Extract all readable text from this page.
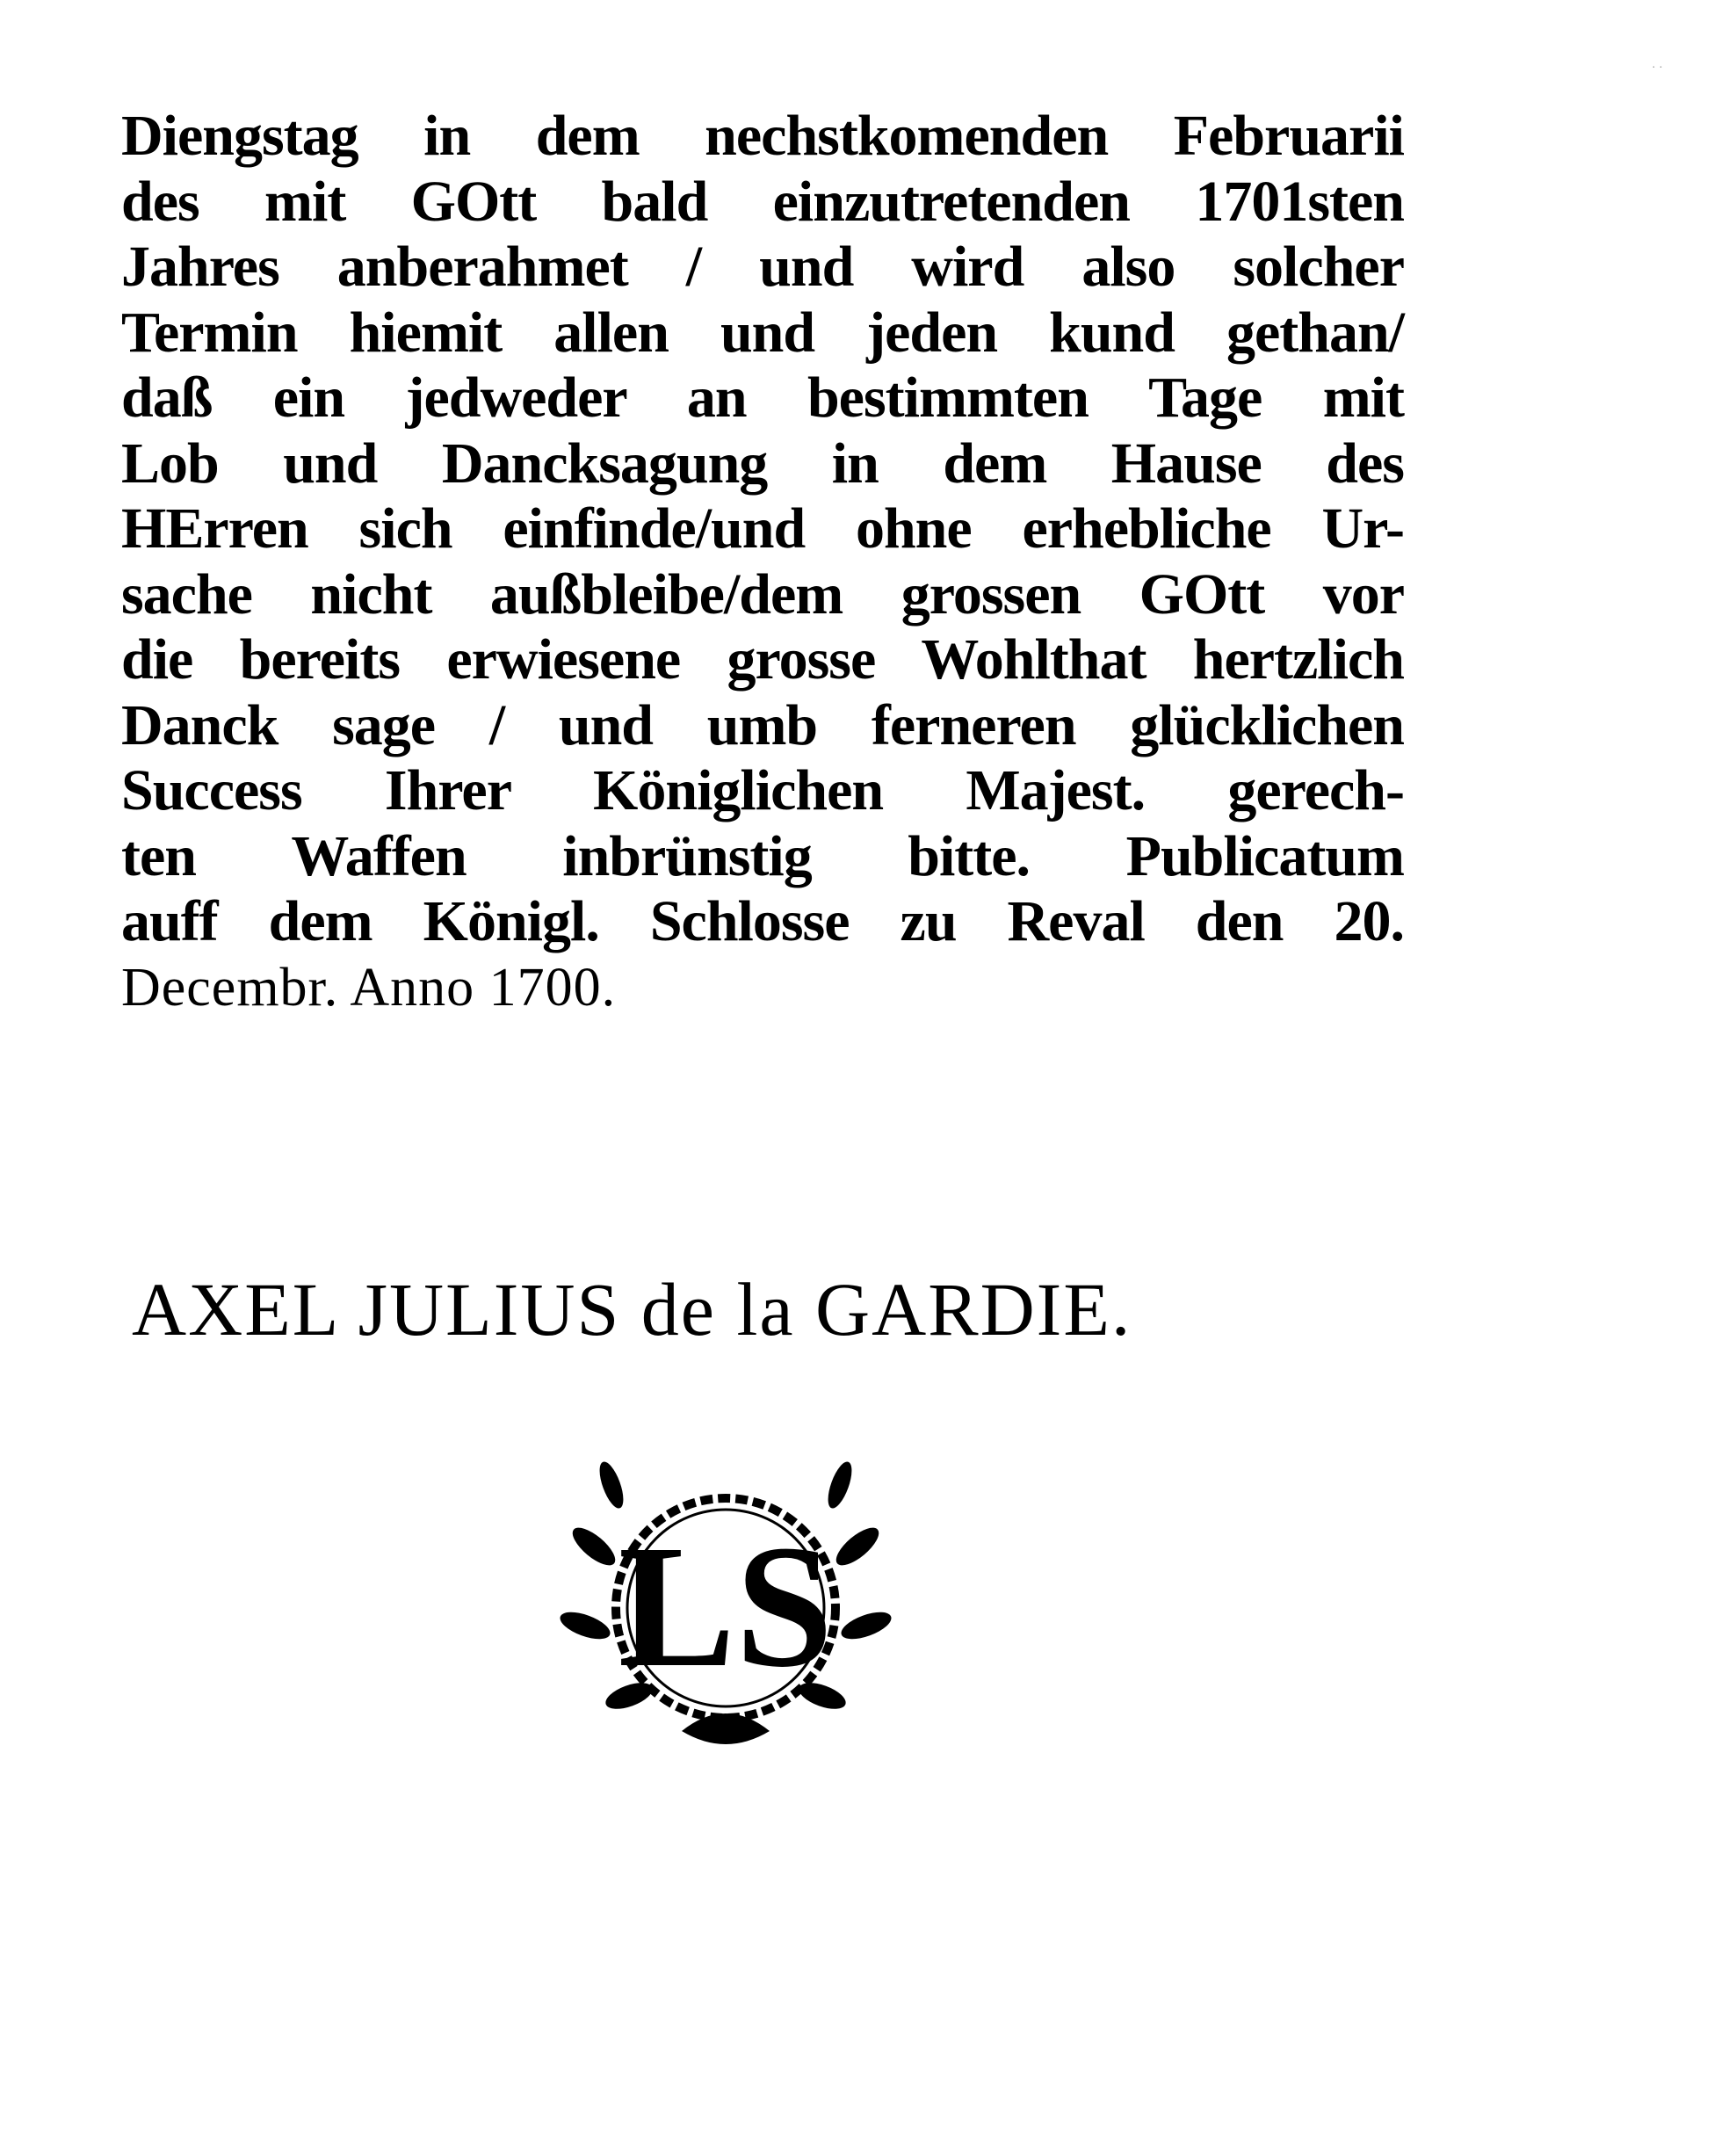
Diengstag in dem nechstkomenden Februarii
des mit GOtt bald einzutretenden 1701sten
Jahres anberahmet / und wird also solcher
Termin hiemit allen und jeden kund gethan/
daß ein jedweder an bestimmten Tage mit
Lob und Dancksagung in dem Hause des
HErren sich einfinde/und ohne erhebliche Ur-
sache nicht außbleibe/dem grossen GOtt vor
die bereits erwiesene grosse Wohlthat hertzlich
Danck sage / und umb ferneren glücklichen
Success Ihrer Königlichen Majest. gerech-
ten Waffen inbrünstig bitte. Publicatum
auff dem Königl. Schlosse zu Reval den 20.
Decembr. Anno 1700.
AXEL JULIUS de la GARDIE.
LS
· ·
